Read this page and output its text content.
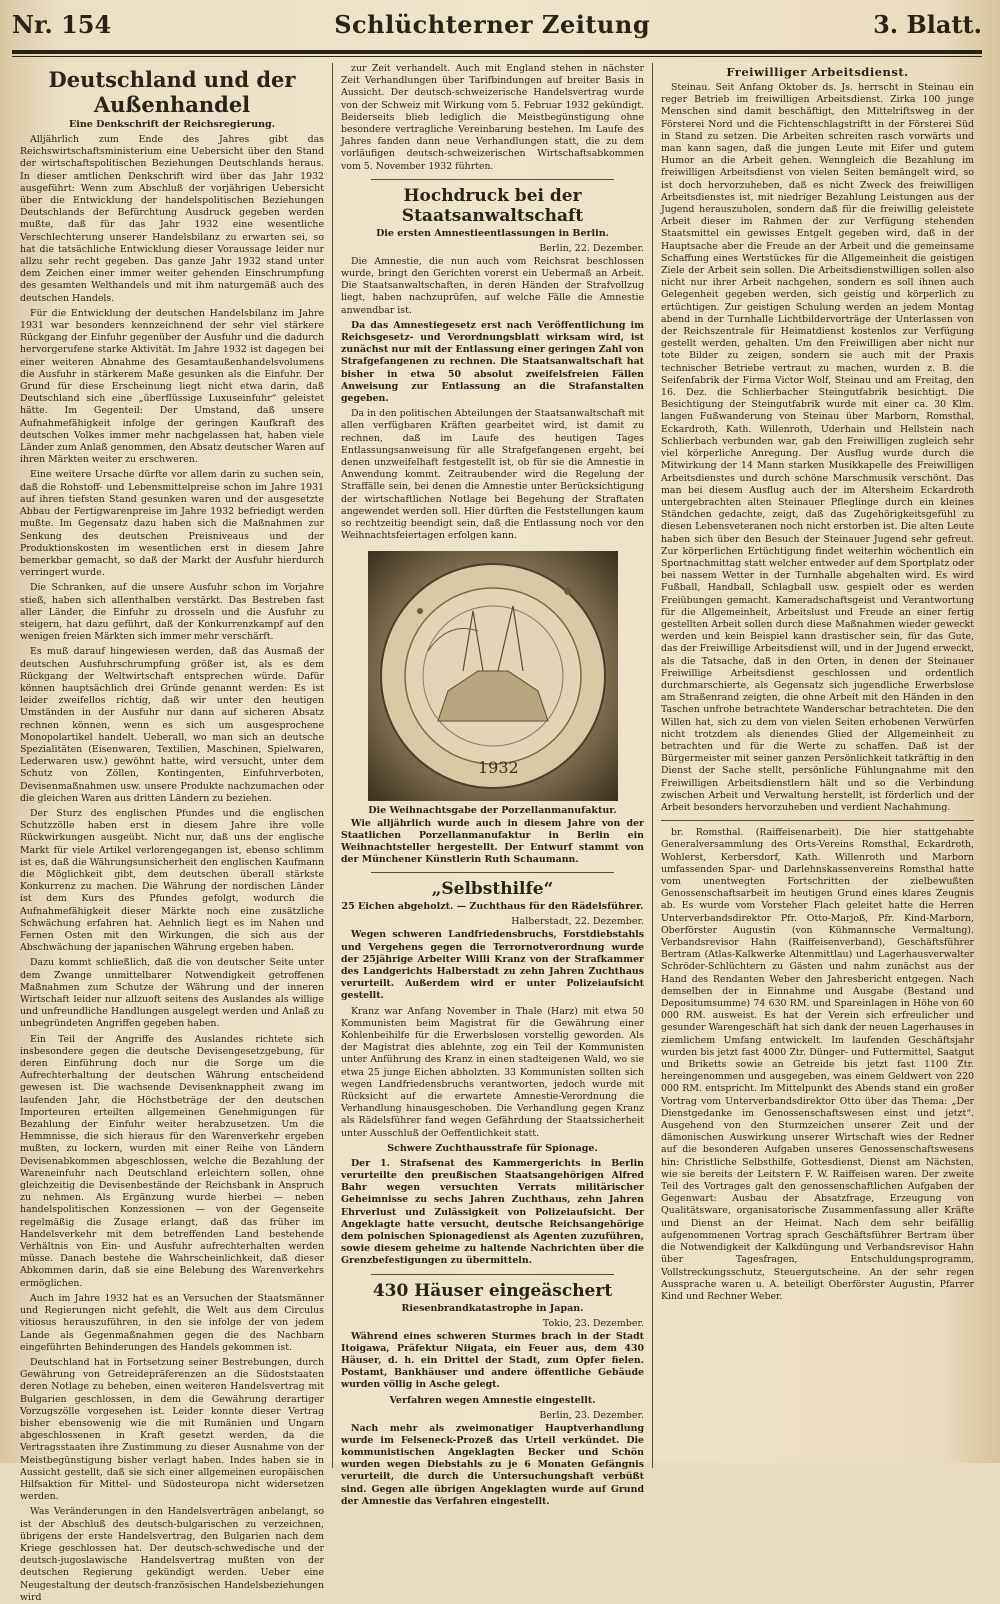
Nr. 154	Schlüchterner Zeitung	3. Blatt.
Deutschland und der Außenhandel
Eine Denkschrift der Reichsregierung.

Alljährlich zum Ende des Jahres gibt das Reichswirtschaftsministerium eine Uebersicht über den Stand der wirtschaftspolitischen Beziehungen Deutschlands heraus. In dieser amtlichen Denkschrift wird über das Jahr 1932 ausgeführt: Wenn zum Abschluß der vorjährigen Uebersicht über die Entwicklung der handelspolitischen Beziehungen Deutschlands der Befürchtung Ausdruck gegeben werden mußte, daß für das Jahr 1932 eine wesentliche Verschlechterung unserer Handelsbilanz zu erwarten sei, so hat die tatsächliche Entwicklung dieser Voraussage leider nur allzu sehr recht gegeben. Das ganze Jahr 1932 stand unter dem Zeichen einer immer weiter gehenden Einschrumpfung des gesamten Welthandels und mit ihm naturgemäß auch des deutschen Handels.

Für die Entwicklung der deutschen Handelsbilanz im Jahre 1931 war besonders kennzeichnend der sehr viel stärkere Rückgang der Einfuhr gegenüber der Ausfuhr und die dadurch hervorgerufene starke Aktivität. Im Jahre 1932 ist dagegen bei einer weiteren Abnahme des Gesamtaußenhandelsvolumens die Ausfuhr in stärkerem Maße gesunken als die Einfuhr. Der Grund für diese Erscheinung liegt nicht etwa darin, daß Deutschland sich eine „überflüssige Luxuseinfuhr“ geleistet hätte. Im Gegenteil: Der Umstand, daß unsere Aufnahmefähigkeit infolge der geringen Kaufkraft des deutschen Volkes immer mehr nachgelassen hat, haben viele Länder zum Anlaß genommen, den Absatz deutscher Waren auf ihren Märkten weiter zu erschweren.

Eine weitere Ursache dürfte vor allem darin zu suchen sein, daß die Rohstoff- und Lebensmittelpreise schon im Jahre 1931 auf ihren tiefsten Stand gesunken waren und der ausgesetzte Abbau der Fertigwarenpreise im Jahre 1932 befriedigt werden mußte. Im Gegensatz dazu haben sich die Maßnahmen zur Senkung des deutschen Preisniveaus und der Produktionskosten im wesentlichen erst in diesem Jahre bemerkbar gemacht, so daß der Markt der Ausfuhr hierdurch verringert wurde.

Die Schranken, auf die unsere Ausfuhr schon im Vorjahre stieß, haben sich allenthalben verstärkt. Das Bestreben fast aller Länder, die Einfuhr zu drosseln und die Ausfuhr zu steigern, hat dazu geführt, daß der Konkurrenzkampf auf den wenigen freien Märkten sich immer mehr verschärft.

Es muß darauf hingewiesen werden, daß das Ausmaß der deutschen Ausfuhrschrumpfung größer ist, als es dem Rückgang der Weltwirtschaft entsprechen würde. Dafür können hauptsächlich drei Gründe genannt werden: Es ist leider zweifellos richtig, daß wir unter den heutigen Umständen in der Ausfuhr nur dann auf sicheren Absatz rechnen können, wenn es sich um ausgesprochene Monopolartikel handelt. Ueberall, wo man sich an deutsche Spezialitäten (Eisenwaren, Textilien, Maschinen, Spielwaren, Lederwaren usw.) gewöhnt hatte, wird versucht, unter dem Schutz von Zöllen, Kontingenten, Einfuhrverboten, Devisenmaßnahmen usw. unsere Produkte nachzumachen oder die gleichen Waren aus dritten Ländern zu beziehen.

Der Sturz des englischen Pfundes und die englischen Schutzzölle haben erst in diesem Jahre ihre volle Rückwirkungen ausgeübt. Nicht nur, daß uns der englische Markt für viele Artikel verlorengegangen ist, ebenso schlimm ist es, daß die Währungsunsicherheit den englischen Kaufmann die Möglichkeit gibt, dem deutschen überall stärkste Konkurrenz zu machen. Die Währung der nordischen Länder ist dem Kurs des Pfundes gefolgt, wodurch die Aufnahmefähigkeit dieser Märkte noch eine zusätzliche Schwächung erfahren hat. Aehnlich liegt es im Nahen und Fernen Osten mit den Wirkungen, die sich aus der Abschwächung der japanischen Währung ergeben haben.

Dazu kommt schließlich, daß die von deutscher Seite unter dem Zwange unmittelbarer Notwendigkeit getroffenen Maßnahmen zum Schutze der Währung und der inneren Wirtschaft leider nur allzuoft seitens des Auslandes als willige und unfreundliche Handlungen ausgelegt werden und Anlaß zu unbegründeten Angriffen gegeben haben.

Ein Teil der Angriffe des Auslandes richtete sich insbesondere gegen die deutsche Devisengesetzgebung, für deren Einführung doch nur die Sorge um die Aufrechterhaltung der deutschen Währung entscheidend gewesen ist. Die wachsende Devisenknappheit zwang im laufenden Jahr, die Höchstbeträge der den deutschen Importeuren erteilten allgemeinen Genehmigungen für Bezahlung der Einfuhr weiter herabzusetzen. Um die Hemmnisse, die sich hieraus für den Warenverkehr ergeben mußten, zu lockern, wurden mit einer Reihe von Ländern Devisenabkommen abgeschlossen, welche die Bezahlung der Wareneinfuhr nach Deutschland erleichtern sollen, ohne gleichzeitig die Devisenbestände der Reichsbank in Anspruch zu nehmen. Als Ergänzung wurde hierbei — neben handelspolitischen Konzessionen — von der Gegenseite regelmäßig die Zusage erlangt, daß das früher im Handelsverkehr mit dem betreffenden Land bestehende Verhältnis von Ein- und Ausfuhr aufrechterhalten werden müsse. Danach bestehe die Wahrscheinlichkeit, daß dieser Abkommen darin, daß sie eine Belebung des Warenverkehrs ermöglichen.

Auch im Jahre 1932 hat es an Versuchen der Staatsmänner und Regierungen nicht gefehlt, die Welt aus dem Circulus vitiosus herauszuführen, in den sie infolge der von jedem Lande als Gegenmaßnahmen gegen die des Nachbarn eingeführten Behinderungen des Handels gekommen ist.

Deutschland hat in Fortsetzung seiner Bestrebungen, durch Gewährung von Getreidepräferenzen an die Südoststaaten deren Notlage zu beheben, einen weiteren Handelsvertrag mit Bulgarien geschlossen, in dem die Gewährung derartiger Vorzugszölle vorgesehen ist. Leider konnte dieser Vertrag bisher ebensowenig wie die mit Rumänien und Ungarn abgeschlossenen in Kraft gesetzt werden, da die Vertragsstaaten ihre Zustimmung zu dieser Ausnahme von der Meistbegünstigung bisher verlagt haben. Indes haben sie in Aussicht gestellt, daß sie sich einer allgemeinen europäischen Hilfsaktion für Mittel- und Südosteuropa nicht widersetzen werden.

Was Veränderungen in den Handelsverträgen anbelangt, so ist der Abschluß des deutsch-bulgarischen zu verzeichnen, übrigens der erste Handelsvertrag, den Bulgarien nach dem Kriege geschlossen hat. Der deutsch-schwedische und der deutsch-jugoslawische Handelsvertrag mußten von der deutschen Regierung gekündigt werden. Ueber eine Neugestaltung der deutsch-französischen Handelsbeziehungen wird

zur Zeit verhandelt. Auch mit England stehen in nächster Zeit Verhandlungen über Tarifbindungen auf breiter Basis in Aussicht. Der deutsch-schweizerische Handelsvertrag wurde von der Schweiz mit Wirkung vom 5. Februar 1932 gekündigt. Beiderseits blieb lediglich die Meistbegünstigung ohne besondere vertragliche Vereinbarung bestehen. Im Laufe des Jahres fanden dann neue Verhandlungen statt, die zu dem vorläufigen deutsch-schweizerischen Wirtschaftsabkommen vom 5. November 1932 führten.

Hochdruck bei der Staatsanwaltschaft
Die ersten Amnestieentlassungen in Berlin.
Berlin, 22. Dezember.

Die Amnestie, die nun auch vom Reichsrat beschlossen wurde, bringt den Gerichten vorerst ein Uebermaß an Arbeit. Die Staatsanwaltschaften, in deren Händen der Strafvollzug liegt, haben nachzuprüfen, auf welche Fälle die Amnestie anwendbar ist.

Da das Amnestiegesetz erst nach Veröffentlichung im Reichsgesetz- und Verordnungsblatt wirksam wird, ist zunächst nur mit der Entlassung einer geringen Zahl von Strafgefangenen zu rechnen. Die Staatsanwaltschaft hat bisher in etwa 50 absolut zweifelsfreien Fällen Anweisung zur Entlassung an die Strafanstalten gegeben.

Da in den politischen Abteilungen der Staatsanwaltschaft mit allen verfügbaren Kräften gearbeitet wird, ist damit zu rechnen, daß im Laufe des heutigen Tages Entlassungsanweisung für alle Strafgefangenen ergeht, bei denen unzweifelhaft festgestellt ist, ob für sie die Amnestie in Anwendung kommt. Zeitraubender wird die Regelung der Straffälle sein, bei denen die Amnestie unter Berücksichtigung der wirtschaftlichen Notlage bei Begehung der Straftaten angewendet werden soll. Hier dürften die Feststellungen kaum so rechtzeitig beendigt sein, daß die Entlassung noch vor den Weihnachtsfeiertagen erfolgen kann.

1932
Die Weihnachtsgabe der Porzellanmanufaktur.

Wie alljährlich wurde auch in diesem Jahre von der Staatlichen Porzellanmanufaktur in Berlin ein Weihnachtsteller hergestellt. Der Entwurf stammt von der Münchener Künstlerin Ruth Schaumann.

„Selbsthilfe“
25 Eichen abgeholzt. — Zuchthaus für den Rädelsführer.
Halberstadt, 22. Dezember.

Wegen schweren Landfriedensbruchs, Forstdiebstahls und Vergehens gegen die Terrornotverordnung wurde der 25jährige Arbeiter Willi Kranz von der Strafkammer des Landgerichts Halberstadt zu zehn Jahren Zuchthaus verurteilt. Außerdem wird er unter Polizeiaufsicht gestellt.

Kranz war Anfang November in Thale (Harz) mit etwa 50 Kommunisten beim Magistrat für die Gewährung einer Kohlenbeihilfe für die Erwerbslosen vorstellig geworden. Als der Magistrat dies ablehnte, zog ein Teil der Kommunisten unter Anführung des Kranz in einen stadteigenen Wald, wo sie etwa 25 junge Eichen abholzten. 33 Kommunisten sollten sich wegen Landfriedensbruchs verantworten, jedoch wurde mit Rücksicht auf die erwartete Amnestie-Verordnung die Verhandlung hinausgeschoben. Die Verhandlung gegen Kranz als Rädelsführer fand wegen Gefährdung der Staatssicherheit unter Ausschluß der Oeffentlichkeit statt.

Schwere Zuchthausstrafe für Spionage.

Der 1. Strafsenat des Kammergerichts in Berlin verurteilte den preußischen Staatsangehörigen Alfred Bahr wegen versuchten Verrats militärischer Geheimnisse zu sechs Jahren Zuchthaus, zehn Jahren Ehrverlust und Zulässigkeit von Polizeiaufsicht. Der Angeklagte hatte versucht, deutsche Reichsangehörige dem polnischen Spionagedienst als Agenten zuzuführen, sowie diesem geheime zu haltende Nachrichten über die Grenzbefestigungen zu übermitteln.

430 Häuser eingeäschert
Riesenbrandkatastrophe in Japan.
Tokio, 23. Dezember.

Während eines schweren Sturmes brach in der Stadt Itoigawa, Präfektur Niigata, ein Feuer aus, dem 430 Häuser, d. h. ein Drittel der Stadt, zum Opfer fielen. Postamt, Bankhäuser und andere öffentliche Gebäude wurden völlig in Asche gelegt.

Verfahren wegen Amnestie eingestellt.
Berlin, 23. Dezember.

Nach mehr als zweimonatiger Hauptverhandlung wurde im Felseneck-Prozeß das Urteil verkündet. Die kommunistischen Angeklagten Becker und Schön wurden wegen Diebstahls zu je 6 Monaten Gefängnis verurteilt, die durch die Untersuchungshaft verbüßt sind. Gegen alle übrigen Angeklagten wurde auf Grund der Amnestie das Verfahren eingestellt.

Freiwilliger Arbeitsdienst.

Steinau. Seit Anfang Oktober ds. Js. herrscht in Steinau ein reger Betrieb im freiwilligen Arbeitsdienst. Zirka 100 junge Menschen sind damit beschäftigt, den Mittelriftsweg in der Försterei Nord und die Fichtenschlagstriftt in der Försterei Süd in Stand zu setzen. Die Arbeiten schreiten rasch vorwärts und man kann sagen, daß die jungen Leute mit Eifer und gutem Humor an die Arbeit gehen. Wenngleich die Bezahlung im freiwilligen Arbeitsdienst von vielen Seiten bemängelt wird, so ist doch hervorzuheben, daß es nicht Zweck des freiwilligen Arbeitsdienstes ist, mit niedriger Bezahlung Leistungen aus der Jugend herauszuholen, sondern daß für die freiwillig geleistete Arbeit dieser im Rahmen der zur Verfügung stehenden Staatsmittel ein gewisses Entgelt gegeben wird, daß in der Hauptsache aber die Freude an der Arbeit und die gemeinsame Schaffung eines Wertstückes für die Allgemeinheit die geistigen Ziele der Arbeit sein sollen. Die Arbeitsdienstwilligen sollen also nicht nur ihrer Arbeit nachgehen, sondern es soll ihnen auch Gelegenheit gegeben werden, sich geistig und körperlich zu ertüchtigen. Zur geistigen Schulung werden an jedem Montag abend in der Turnhalle Lichtbildervorträge der Unterlassen von der Reichszentrale für Heimatdienst kostenlos zur Verfügung gestellt werden, gehalten. Um den Freiwilligen aber nicht nur tote Bilder zu zeigen, sondern sie auch mit der Praxis technischer Betriebe vertraut zu machen, wurden z. B. die Seifenfabrik der Firma Victor Wolf, Steinau und am Freitag, den 16. Dez. die Schlierbacher Steingutfabrik besichtigt. Die Besichtigung der Steingutfabrik wurde mit einer ca. 30 Klm. langen Fußwanderung von Steinau über Marborn, Romsthal, Eckardroth, Kath. Willenroth, Uderhain und Hellstein nach Schlierbach verbunden war, gab den Freiwilligen zugleich sehr viel körperliche Anregung. Der Ausflug wurde durch die Mitwirkung der 14 Mann starken Musikkapelle des Freiwilligen Arbeitsdienstes und durch schöne Marschmusik verschönt. Das man bei diesem Ausflug auch der im Altersheim Eckardroth untergebrachten alten Steinauer Pfleglinge durch ein kleines Ständchen gedachte, zeigt, daß das Zugehörigkeitsgefühl zu diesen Lebensveteranen noch nicht erstorben ist. Die alten Leute haben sich über den Besuch der Steinauer Jugend sehr gefreut. Zur körperlichen Ertüchtigung findet weiterhin wöchentlich ein Sportnachmittag statt welcher entweder auf dem Sportplatz oder bei nassem Wetter in der Turnhalle abgehalten wird. Es wird Fußball, Handball, Schlagball usw. gespielt oder es werden Freiübungen gemacht. Kameradschaftsgeist und Verantwortung für die Allgemeinheit, Arbeitslust und Freude an einer fertig gestellten Arbeit sollen durch diese Maßnahmen wieder geweckt werden und kein Beispiel kann drastischer sein, für das Gute, das der Freiwillige Arbeitsdienst will, und in der Jugend erweckt, als die Tatsache, daß in den Orten, in denen der Steinauer Freiwillige Arbeitsdienst geschlossen und ordentlich durchmarschierte, als Gegensatz sich jugendliche Erwerbslose am Straßenrand zeigten, die ohne Arbeit mit den Händen in den Taschen unfrohe betrachtete Wanderschar betrachteten. Die den Willen hat, sich zu dem von vielen Seiten erhobenen Verwürfen nicht trotzdem als dienendes Glied der Allgemeinheit zu betrachten und für die Werte zu schaffen. Daß ist der Bürgermeister mit seiner ganzen Persönlichkeit tatkräftig in den Dienst der Sache stellt, persönliche Fühlungnahme mit den Freiwilligen Arbeitsdienstlern hält und so die Verbindung zwischen Arbeit und Verwaltung herstellt, ist förderlich und der Arbeit besonders hervorzuheben und verdient Nachahmung.

br. Romsthal. (Raiffeisenarbeit). Die hier stattgehabte Generalversammlung des Orts-Vereins Romsthal, Eckardroth, Wohlerst, Kerbersdorf, Kath. Willenroth und Marborn umfassenden Spar- und Darlehnskassenvereins Romsthal hatte vom unentwegten Fortschritten der zielbewußten Genossenschaftsarbeit im heutigen Grund eines klares Zeugnis ab. Es wurde vom Vorsteher Flach geleitet hatte die Herren Unterverbandsdirektor Pfr. Otto-Marjoß, Pfr. Kind-Marborn, Oberförster Augustin (von Kühmannsche Vermaltung). Verbandsrevisor Hahn (Raiffeisenverband), Geschäftsführer Bertram (Atlas-Kalkwerke Altenmittlau) und Lagerhausverwalter Schröder-Schlüchtern zu Gästen und nahm zunächst aus der Hand des Rendanten Weber den Jahresbericht entgegen. Nach demselben der in Einnahme und Ausgabe (Bestand und Depositumsumme) 74 630 RM. und Spareinlagen in Höhe von 60 000 RM. ausweist. Es hat der Verein sich erfreulicher und gesunder Warengeschäft hat sich dank der neuen Lagerhauses in ziemlichem Umfang entwickelt. Im laufenden Geschäftsjahr wurden bis jetzt fast 4000 Ztr. Dünger- und Futtermittel, Saatgut und Briketts sowie an Getreide bis jetzt fast 1100 Ztr. hereingenommen und ausgegeben, was einem Geldwert von 220 000 RM. entspricht. Im Mittelpunkt des Abends stand ein großer Vortrag vom Unterverbandsdirektor Otto über das Thema: „Der Dienstgedanke im Genossenschaftswesen einst und jetzt“. Ausgehend von den Sturmzeichen unserer Zeit und der dämonischen Auswirkung unserer Wirtschaft wies der Redner auf die besonderen Aufgaben unseres Genossenschaftswesens hin: Christliche Selbsthilfe, Gottesdienst, Dienst am Nächsten, wie sie bereits der Leitstern F. W. Raiffeisen waren. Der zweite Teil des Vortrages galt den genossenschaftlichen Aufgaben der Gegenwart: Ausbau der Absatzfrage, Erzeugung von Qualitätsware, organisatorische Zusammenfassung aller Kräfte und Dienst an der Heimat. Nach dem sehr beifällig aufgenommenen Vortrag sprach Geschäftsführer Bertram über die Notwendigkeit der Kalkdüngung und Verbandsrevisor Hahn über Tagesfragen, Entschuldungsprogramm, Vollstreckungsschutz, Steuergutscheine. An der sehr regen Aussprache waren u. A. beteiligt Oberförster Augustin, Pfarrer Kind und Rechner Weber.
